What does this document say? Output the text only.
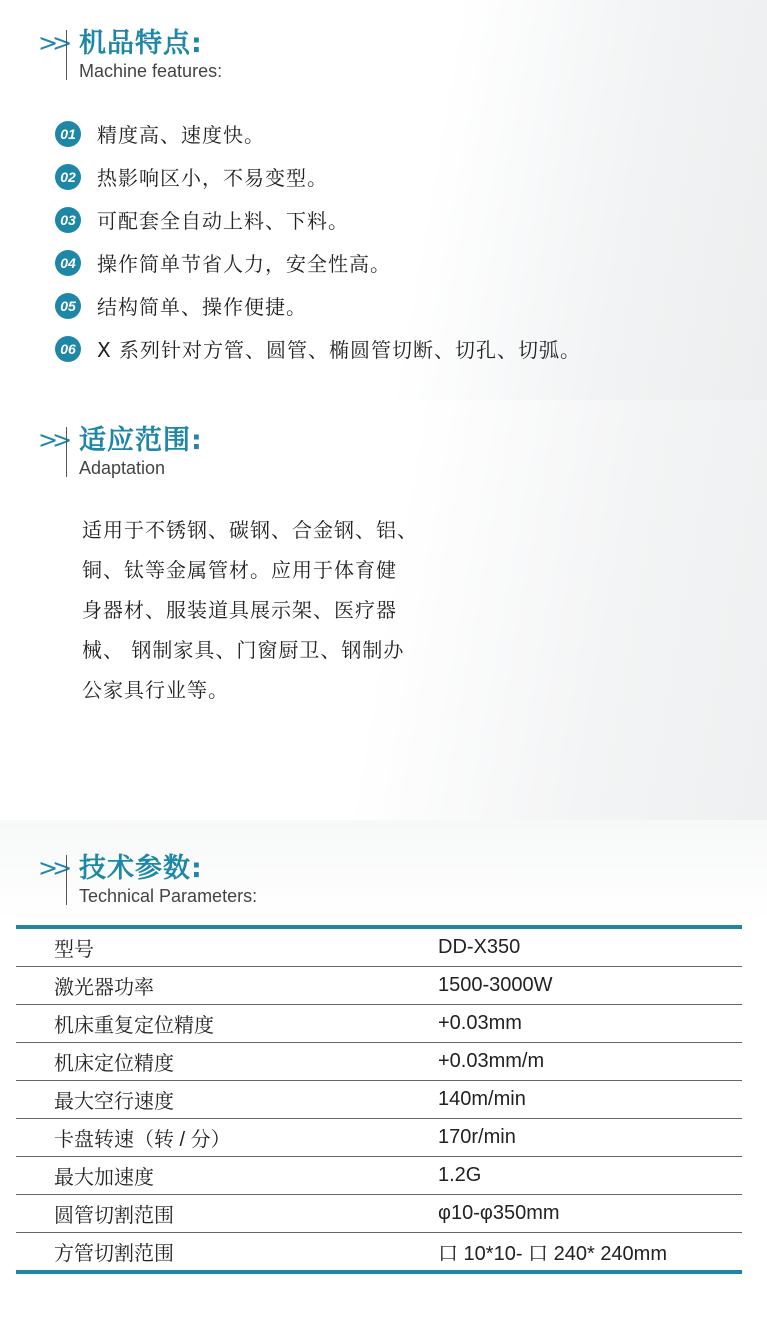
>> 机品特点:
Machine features:
01 精度高、速度快。
02 热影响区小，不易变型。
03 可配套全自动上料、下料。
04 操作简单节省人力，安全性高。
05 结构简单、操作便捷。
06 X 系列针对方管、圆管、椭圆管切断、切孔、切弧。
>> 适应范围:
Adaptation
适用于不锈钢、碳钢、合金钢、铝、
铜、钛等金属管材。应用于体育健
身器材、服装道具展示架、医疗器
械、 钢制家具、门窗厨卫、钢制办
公家具行业等。
>> 技术参数:
Technical Parameters:
型号	DD-X350
激光器功率	1500-3000W
机床重复定位精度	+0.03mm
机床定位精度	+0.03mm/m
最大空行速度	140m/min
卡盘转速（转 / 分）	170r/min
最大加速度	1.2G
圆管切割范围	φ10-φ350mm
方管切割范围	口 10*10- 口 240* 240mm
